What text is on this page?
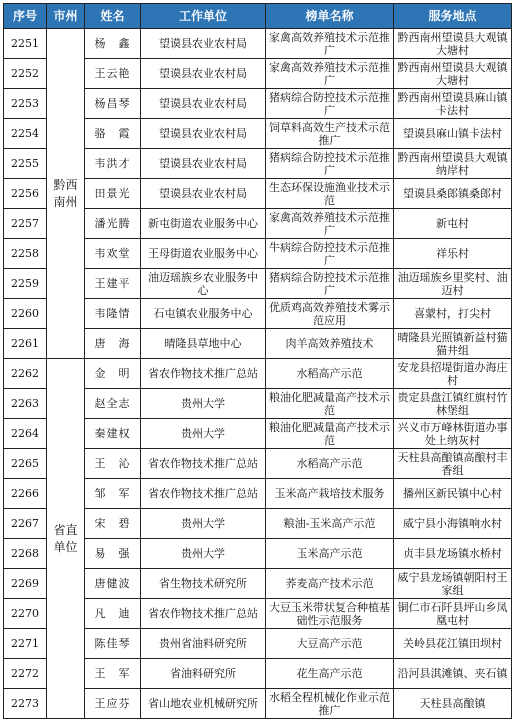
序号	市州	姓名	工作单位	榜单名称	服务地点
2251	黔西南州	杨　鑫	望谟县农业农村局	家禽高效养殖技术示范推广	黔西南州望谟县大观镇大塘村
2252		王云艳	望谟县农业农村局	家禽高效养殖技术示范推广	黔西南州望谟县大观镇大塘村
2253		杨昌琴	望谟县农业农村局	猪病综合防控技术示范推广	黔西南州望谟县麻山镇卡法村
2254		骆　霞	望谟县农业农村局	饲草料高效生产技术示范推广	望谟县麻山镇卡法村
2255		韦洪才	望谟县农业农村局	猪病综合防控技术示范推广	黔西南州望谟县大观镇纳岸村
2256		田景光	望谟县农业农村局	生态环保设施渔业技术示范	望谟县桑郎镇桑郎村
2257		潘光腾	新屯街道农业服务中心	家禽高效养殖技术示范推广	新屯村
2258		韦欢堂	王母街道农业服务中心	牛病综合防控技术示范推广	祥乐村
2259		王建平	油迈瑶族乡农业服务中心	猪病综合防控技术示范推广	油迈瑶族乡里奖村、油迈村
2260		韦隆情	石屯镇农业服务中心	优质鸡高效养殖技术雾示范应用	喜蒙村，打尖村
2261		唐　海	晴隆县草地中心	肉羊高效养殖技术	晴隆县光照镇新益村猫猫井组
2262	省直单位	金　明	省农作物技术推广总站	水稻高产示范	安龙县招堤街道办海庄村
2263		赵全志	贵州大学	粮油化肥减量高产技术示范	贵定县盘江镇红旗村竹林堡组
2264		秦建权	贵州大学	粮油化肥减量高产技术示范	兴义市万峰林街道办事处上纳灰村
2265		王　沁	省农作物技术推广总站	水稻高产示范	天柱县高酿镇高酿村丰香组
2266		邹　军	省农作物技术推广总站	玉米高产栽培技术服务	播州区新民镇中心村
2267		宋　碧	贵州大学	粮油-玉米高产示范	威宁县小海镇响水村
2268		易　强	贵州大学	玉米高产示范	贞丰县龙场镇水桥村
2269		唐健波	省生物技术研究所	荞麦高产技术示范	威宁县龙场镇朝阳村王家组
2270		凡　迪	省农作物技术推广总站	大豆玉米带状复合种植基础性示范服务	铜仁市石阡县坪山乡凤凰屯村
2271		陈佳琴	贵州省油料研究所	大豆高产示范	关岭县花江镇田坝村
2272		王　军	省油料研究所	花生高产示范	沿河县淇滩镇、夹石镇
2273		王应芬	省山地农业机械研究所	水稻全程机械化作业示范推广	天柱县高酿镇
